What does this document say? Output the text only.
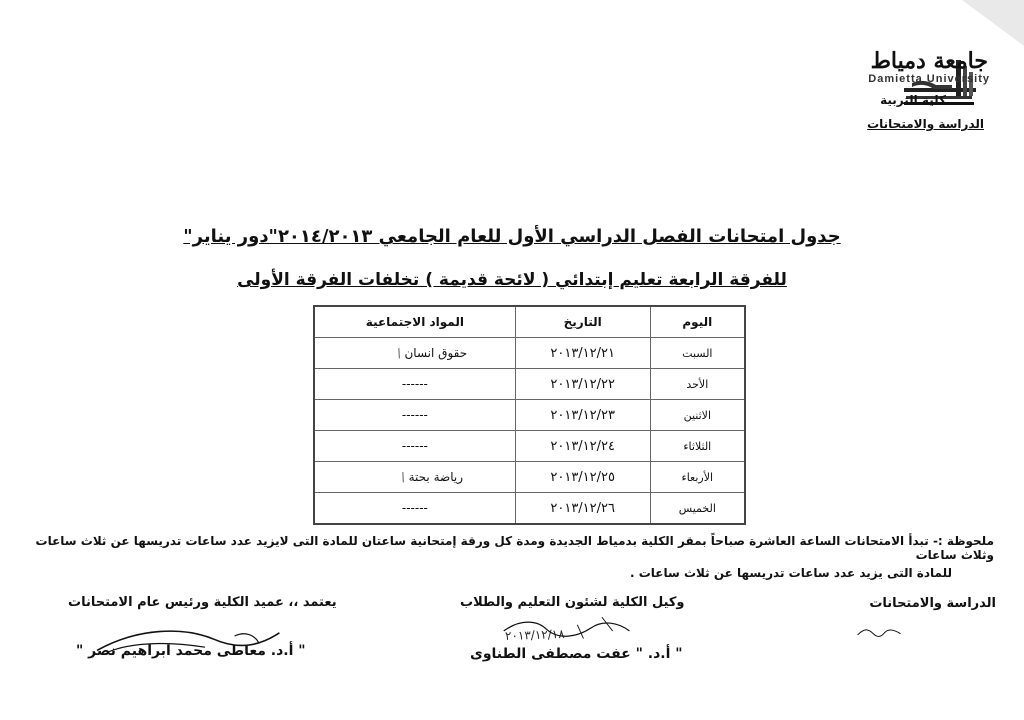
جامعة دمياط
Damietta University
كلية التربية
الدراسة والامتحانات
جدول امتحانات الفصل الدراسي الأول للعام الجامعي ٢٠١٤/٢٠١٣"دور يناير"
للفرقة الرابعة تعليم إبتدائي ( لائحة قديمة ) تخلفات الفرقة الأولى
اليوم	التاريخ	المواد الاجتماعية
السبت	٢٠١٣/١٢/٢١	حقوق انسان /
الأحد	٢٠١٣/١٢/٢٢	------
الاثنين	٢٠١٣/١٢/٢٣	------
الثلاثاء	٢٠١٣/١٢/٢٤	------
الأربعاء	٢٠١٣/١٢/٢٥	رياضة بحتة /
الخميس	٢٠١٣/١٢/٢٦	------
ملحوظة :- تبدأ الامتحانات الساعة العاشرة صباحاً بمقر الكلية بدمياط الجديدة ومدة كل ورقة إمتحانية ساعتان للمادة التى لايزيد عدد ساعات تدريسها عن ثلاث ساعات وثلاث ساعات
للمادة التى يزيد عدد ساعات تدريسها عن ثلاث ساعات .
يعتمد ،، عميد الكلية ورئيس عام الامتحانات
" أ.د. معاطى محمد ابراهيم نصر "
وكيل الكلية لشئون التعليم والطلاب
" أ.د. " عفت مصطفى الطناوى
الدراسة والامتحانات
٢٠١٣/١٢/١٨
